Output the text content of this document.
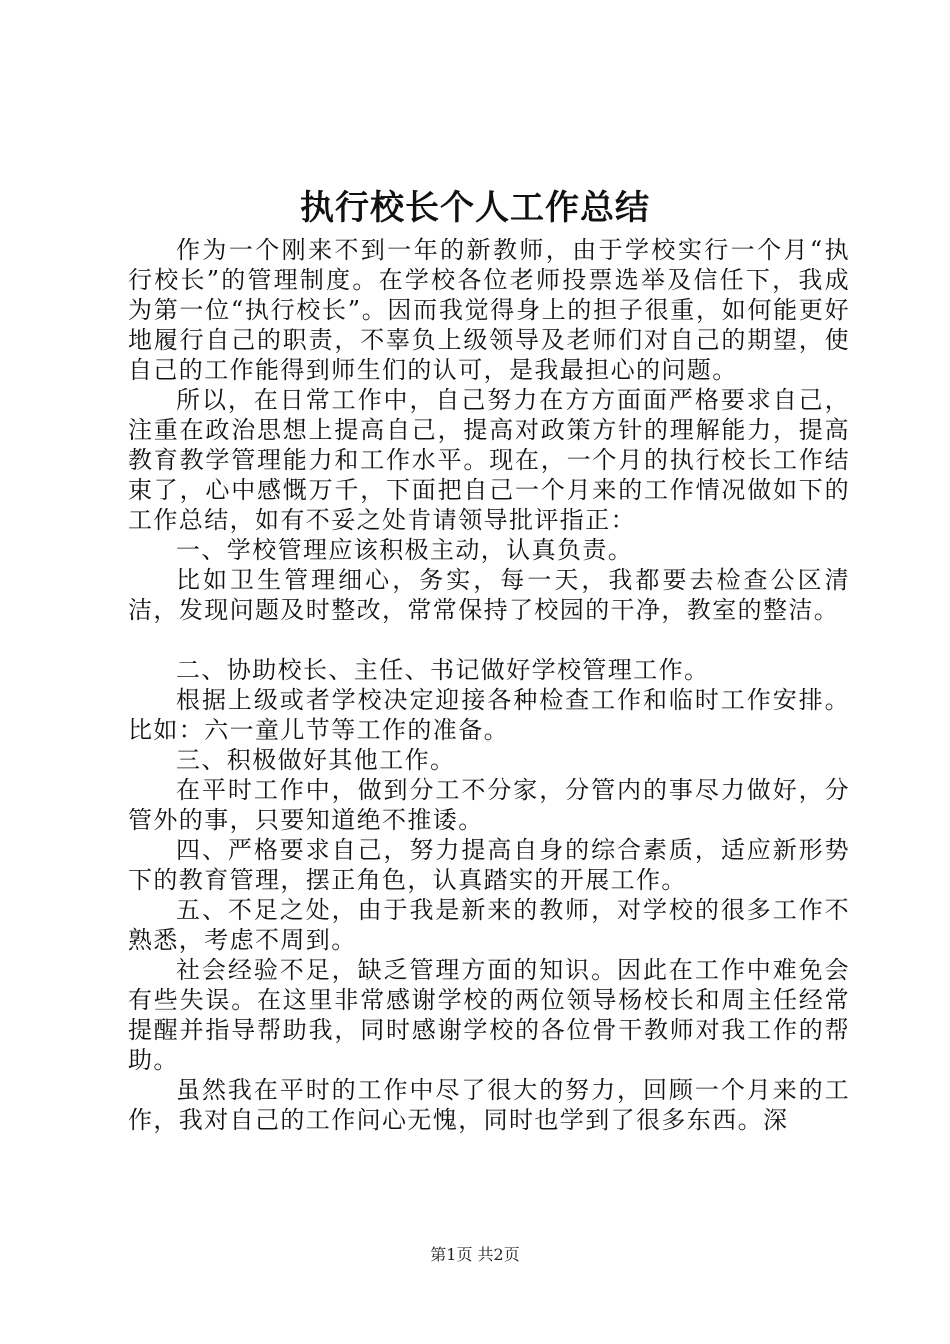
执行校长个人工作总结

作为一个刚来不到一年的新教师，由于学校实行一个月“执行校长”的管理制度。在学校各位老师投票选举及信任下，我成为第一位“执行校长”。因而我觉得身上的担子很重，如何能更好地履行自己的职责，不辜负上级领导及老师们对自己的期望，使自己的工作能得到师生们的认可，是我最担心的问题。

所以，在日常工作中，自己努力在方方面面严格要求自己，注重在政治思想上提高自己，提高对政策方针的理解能力，提高教育教学管理能力和工作水平。现在，一个月的执行校长工作结束了，心中感慨万千，下面把自己一个月来的工作情况做如下的工作总结，如有不妥之处肯请领导批评指正：

一、学校管理应该积极主动，认真负责。

比如卫生管理细心，务实，每一天，我都要去检查公区清洁，发现问题及时整改，常常保持了校园的干净，教室的整洁。

二、协助校长、主任、书记做好学校管理工作。

根据上级或者学校决定迎接各种检查工作和临时工作安排。比如：六一童儿节等工作的准备。

三、积极做好其他工作。

在平时工作中，做到分工不分家，分管内的事尽力做好，分管外的事，只要知道绝不推诿。

四、严格要求自己，努力提高自身的综合素质，适应新形势下的教育管理，摆正角色，认真踏实的开展工作。

五、不足之处，由于我是新来的教师，对学校的很多工作不熟悉，考虑不周到。

社会经验不足，缺乏管理方面的知识。因此在工作中难免会有些失误。在这里非常感谢学校的两位领导杨校长和周主任经常提醒并指导帮助我，同时感谢学校的各位骨干教师对我工作的帮助。

虽然我在平时的工作中尽了很大的努力，回顾一个月来的工作，我对自己的工作问心无愧，同时也学到了很多东西。深

第1页 共2页
